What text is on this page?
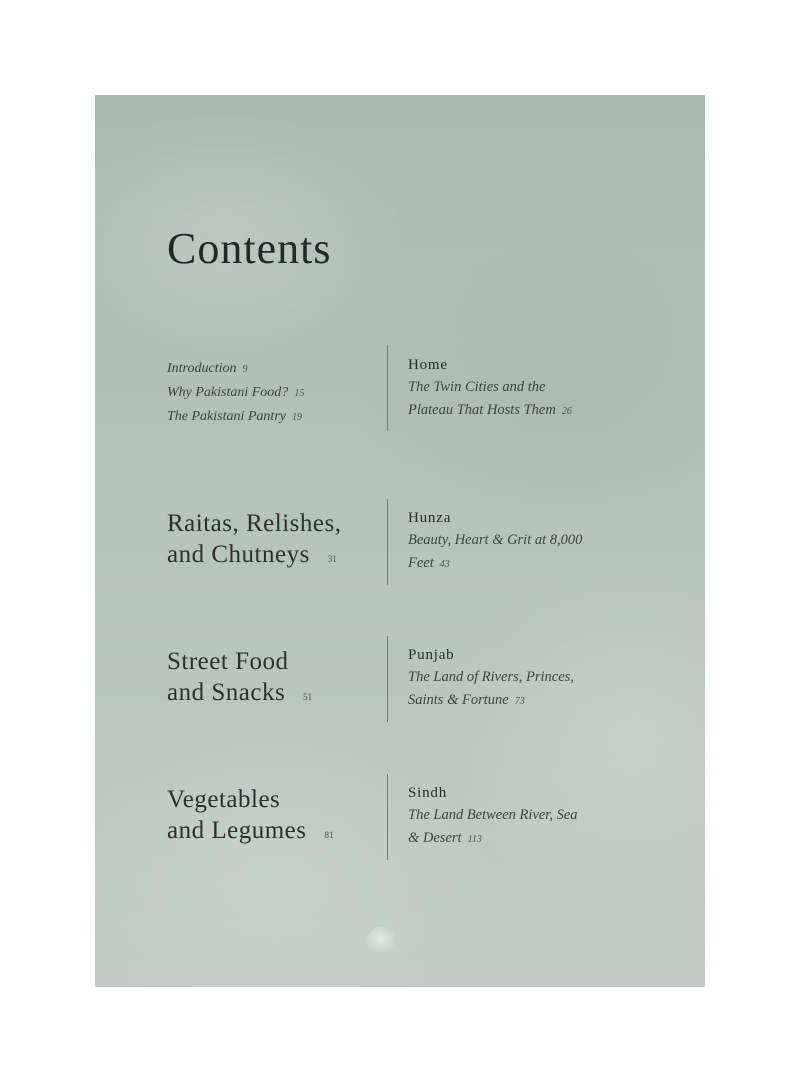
Contents
Introduction 9
Why Pakistani Food? 15
The Pakistani Pantry 19
Home
The Twin Cities and the
Plateau That Hosts Them 26
Raitas, Relishes,
and Chutneys 31
Hunza
Beauty, Heart & Grit at 8,000
Feet 43
Street Food
and Snacks 51
Punjab
The Land of Rivers, Princes,
Saints & Fortune 73
Vegetables
and Legumes 81
Sindh
The Land Between River, Sea
& Desert 113
